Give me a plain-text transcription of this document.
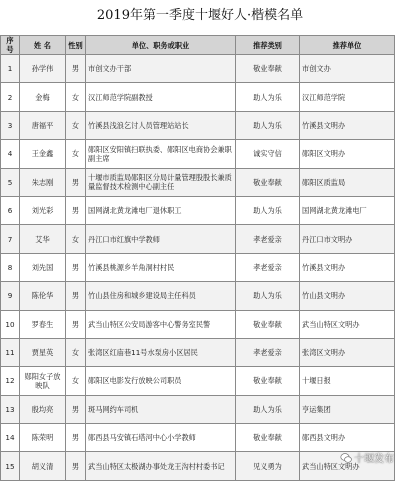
2019年第一季度十堰好人·楷模名单
序号	姓 名	性别	单位、职务或职业	推荐类别	推荐单位
1	孙学伟	男	市创文办干部	敬业奉献	市创文办
2	金梅	女	汉江师范学院副教授	助人为乐	汉江师范学院
3	唐福平	女	竹溪县浅浪乞讨人员管理站站长	助人为乐	竹溪县文明办
4	王金鑫	女	郧阳区安阳镇扫联执委、郧阳区电商协会兼职副主席	诚实守信	郧阳区文明办
5	朱志刚	男	十堰市质监局郧阳区分局计量管理股股长兼质量监督技术检测中心副主任	敬业奉献	郧阳区质监局
6	刘光彩	男	国网湖北黄龙滩电厂退休职工	助人为乐	国网湖北黄龙滩电厂
7	艾华	女	丹江口市红旗中学教师	孝老爱亲	丹江口市文明办
8	刘先国	男	竹溪县桃源乡羊角洞村村民	孝老爱亲	竹溪县文明办
9	陈伦华	男	竹山县住房和城乡建设局主任科员	助人为乐	竹山县文明办
10	罗春生	男	武当山特区公安局游客中心警务室民警	敬业奉献	武当山特区文明办
11	贾星英	女	张湾区红庙巷11号水泵房小区居民	孝老爱亲	张湾区文明办
12	郧阳女子放映队	女	郧阳区电影发行放映公司职员	敬业奉献	十堰日报
13	殷均亮	男	斑马网约车司机	助人为乐	亨运集团
14	陈荣明	男	郧西县马安镇石塔河中心小学教师	敬业奉献	郧西县文明办
15	胡义清	男	武当山特区太极湖办事处龙王沟村村委书记	见义勇为	武当山特区文明办
十堰发布
